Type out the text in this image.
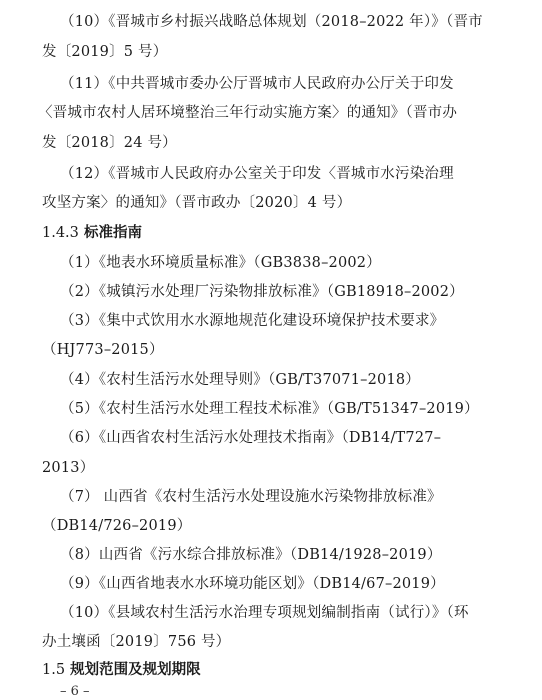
（10）《晋城市乡村振兴战略总体规划（2018–2022 年）》（晋市
发〔2019〕5 号）
（11）《中共晋城市委办公厅晋城市人民政府办公厅关于印发
〈晋城市农村人居环境整治三年行动实施方案〉的通知》（晋市办
发〔2018〕24 号）
（12）《晋城市人民政府办公室关于印发〈晋城市水污染治理
攻坚方案〉的通知》（晋市政办〔2020〕4 号）
1.4.3 标准指南
（1）《地表水环境质量标准》（GB3838–2002）
（2）《城镇污水处理厂污染物排放标准》（GB18918–2002）
（3）《集中式饮用水水源地规范化建设环境保护技术要求》
（HJ773–2015）
（4）《农村生活污水处理导则》（GB/T37071–2018）
（5）《农村生活污水处理工程技术标准》（GB/T51347–2019）
（6）《山西省农村生活污水处理技术指南》（DB14/T727–
2013）
（7） 山西省《农村生活污水处理设施水污染物排放标准》
（DB14/726–2019）
（8）山西省《污水综合排放标准》（DB14/1928–2019）
（9）《山西省地表水水环境功能区划》（DB14/67–2019）
（10）《县域农村生活污水治理专项规划编制指南（试行）》（环
办土壤函〔2019〕756 号）
1.5 规划范围及规划期限
– 6 –
